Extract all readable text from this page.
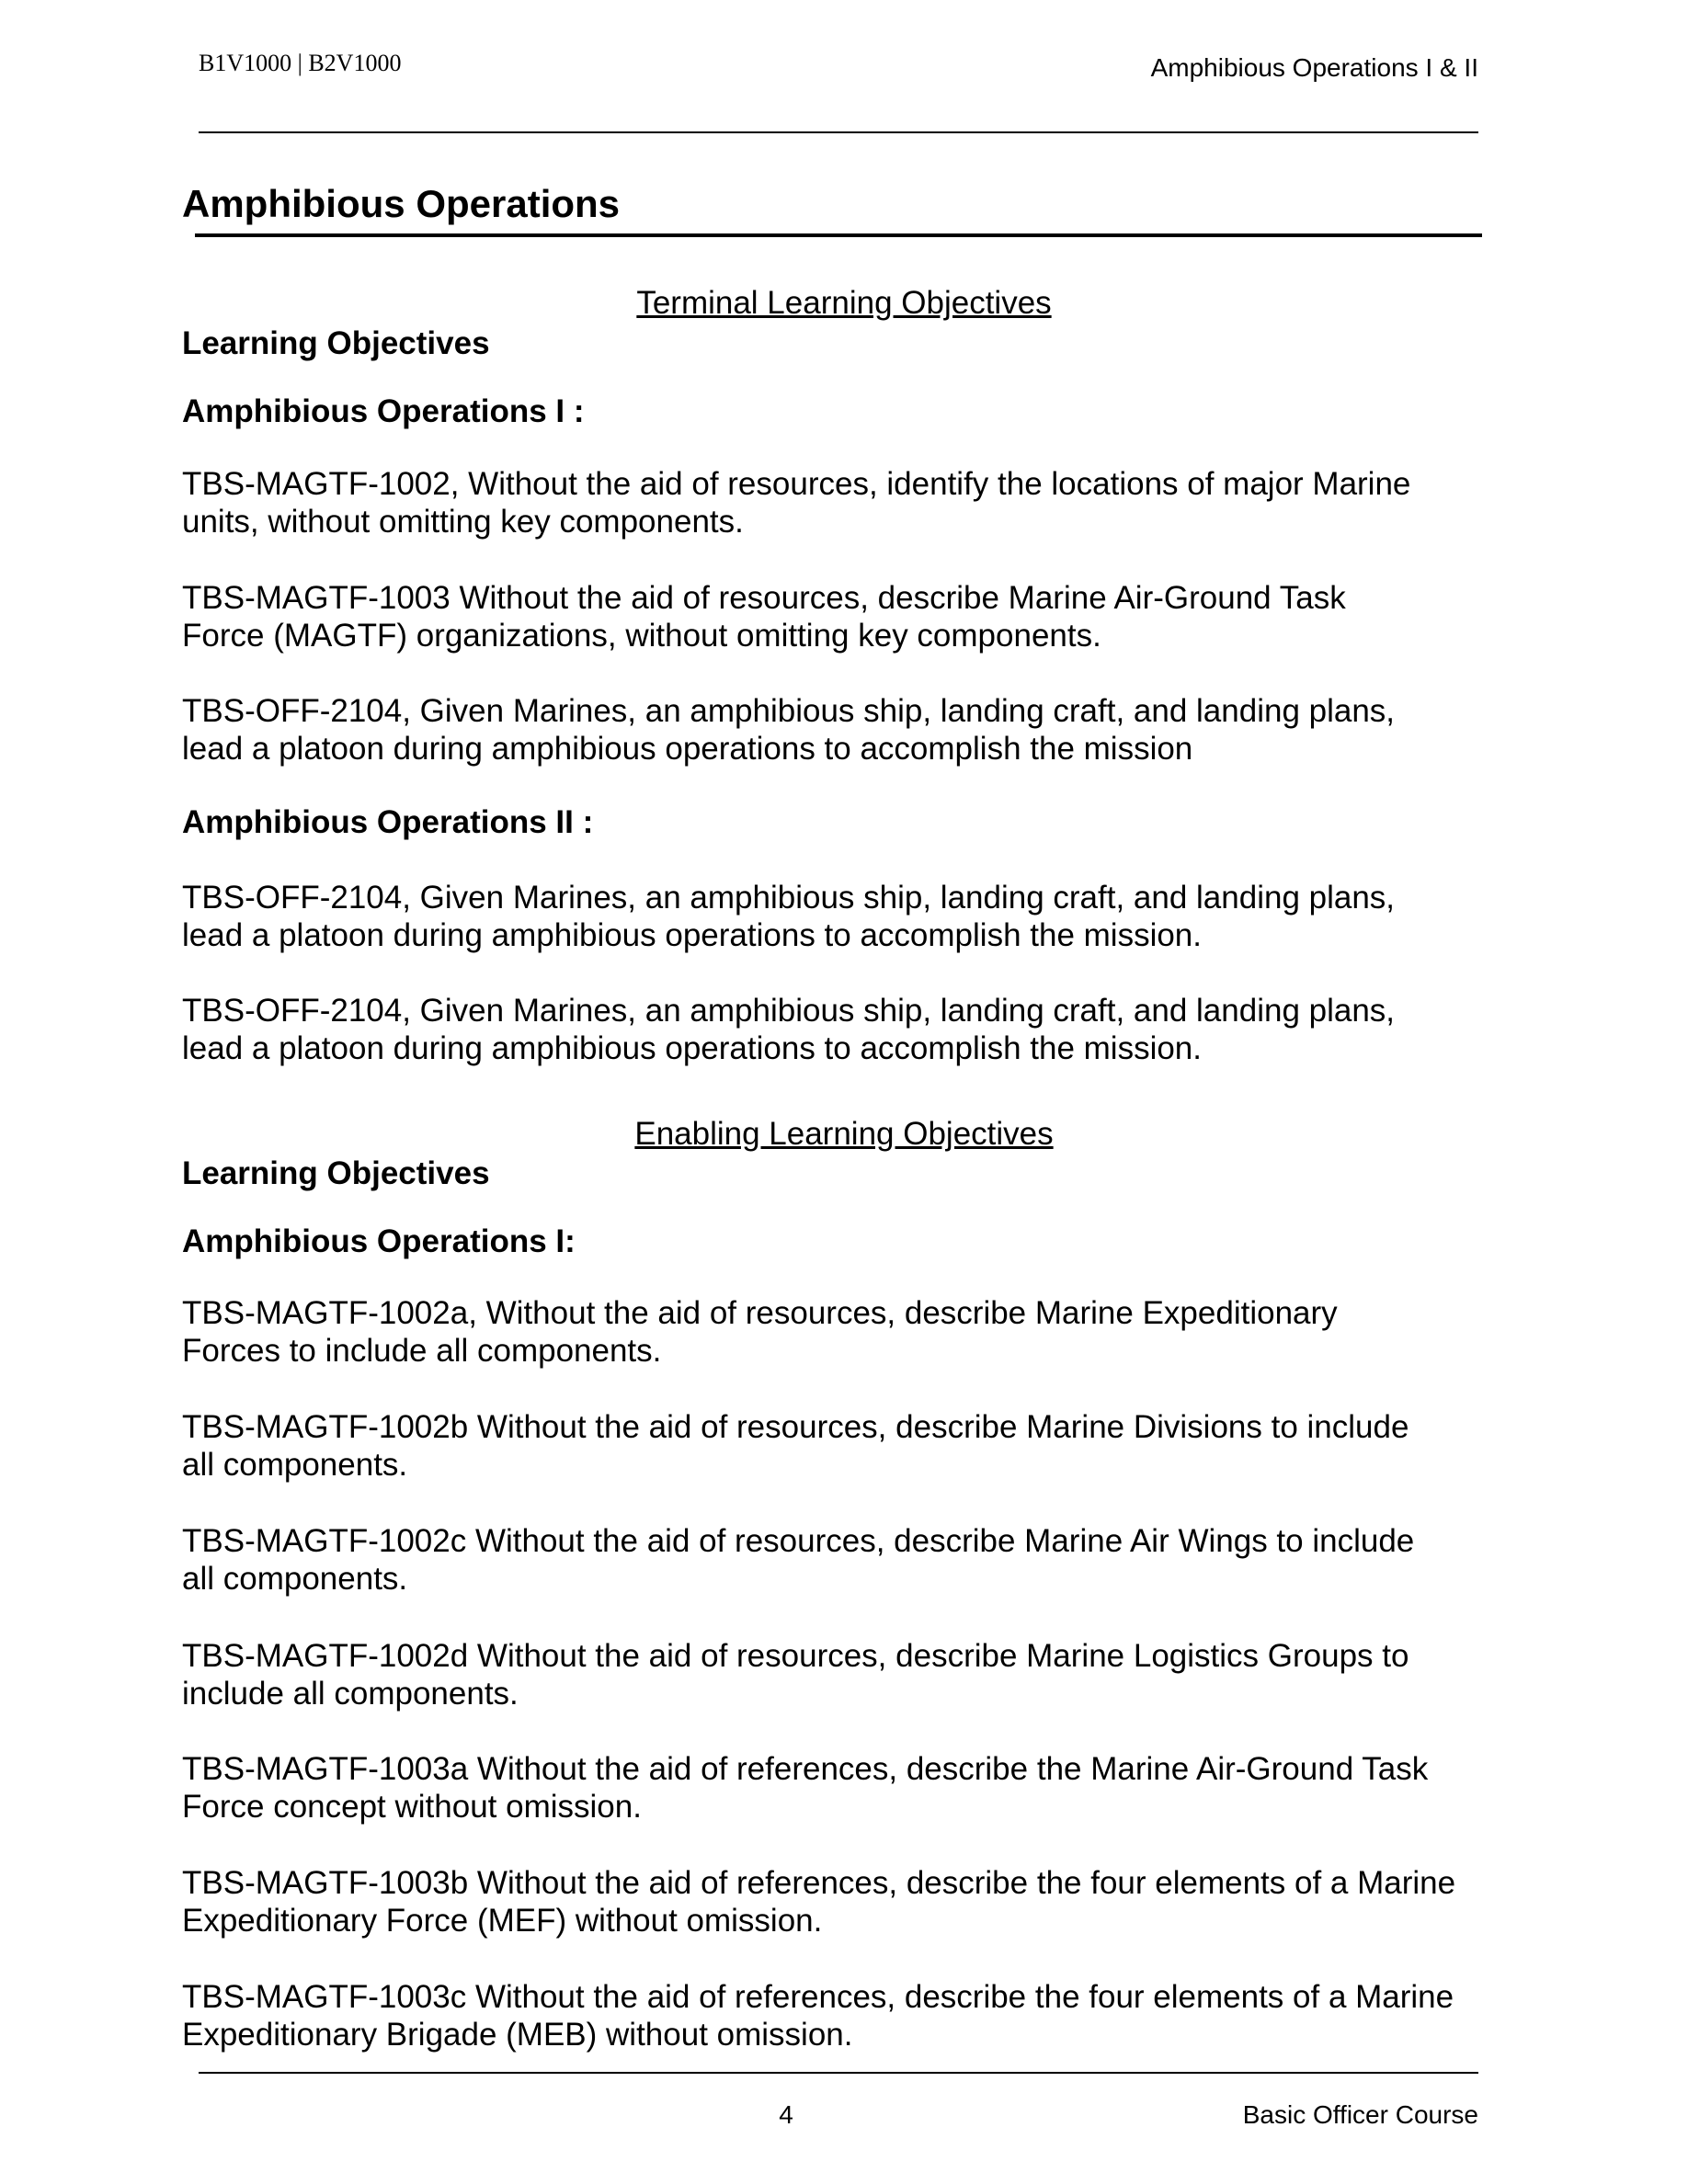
B1V1000 | B2V1000	Amphibious Operations I & II
Amphibious Operations
Terminal Learning Objectives
Learning Objectives
Amphibious Operations I :
TBS-MAGTF-1002, Without the aid of resources, identify the locations of major Marine
units, without omitting key components.
TBS-MAGTF-1003 Without the aid of resources, describe Marine Air-Ground Task
Force (MAGTF) organizations, without omitting key components.
TBS-OFF-2104, Given Marines, an amphibious ship, landing craft, and landing plans,
lead a platoon during amphibious operations to accomplish the mission
Amphibious Operations II :
TBS-OFF-2104, Given Marines, an amphibious ship, landing craft, and landing plans,
lead a platoon during amphibious operations to accomplish the mission.
TBS-OFF-2104, Given Marines, an amphibious ship, landing craft, and landing plans,
lead a platoon during amphibious operations to accomplish the mission.
Enabling Learning Objectives
Learning Objectives
Amphibious Operations I:
TBS-MAGTF-1002a, Without the aid of resources, describe Marine Expeditionary
Forces to include all components.
TBS-MAGTF-1002b Without the aid of resources, describe Marine Divisions to include
all components.
TBS-MAGTF-1002c Without the aid of resources, describe Marine Air Wings to include
all components.
TBS-MAGTF-1002d Without the aid of resources, describe Marine Logistics Groups to
include all components.
TBS-MAGTF-1003a Without the aid of references, describe the Marine Air-Ground Task
Force concept without omission.
TBS-MAGTF-1003b Without the aid of references, describe the four elements of a Marine
Expeditionary Force (MEF) without omission.
TBS-MAGTF-1003c Without the aid of references, describe the four elements of a Marine
Expeditionary Brigade (MEB) without omission.
4	Basic Officer Course
